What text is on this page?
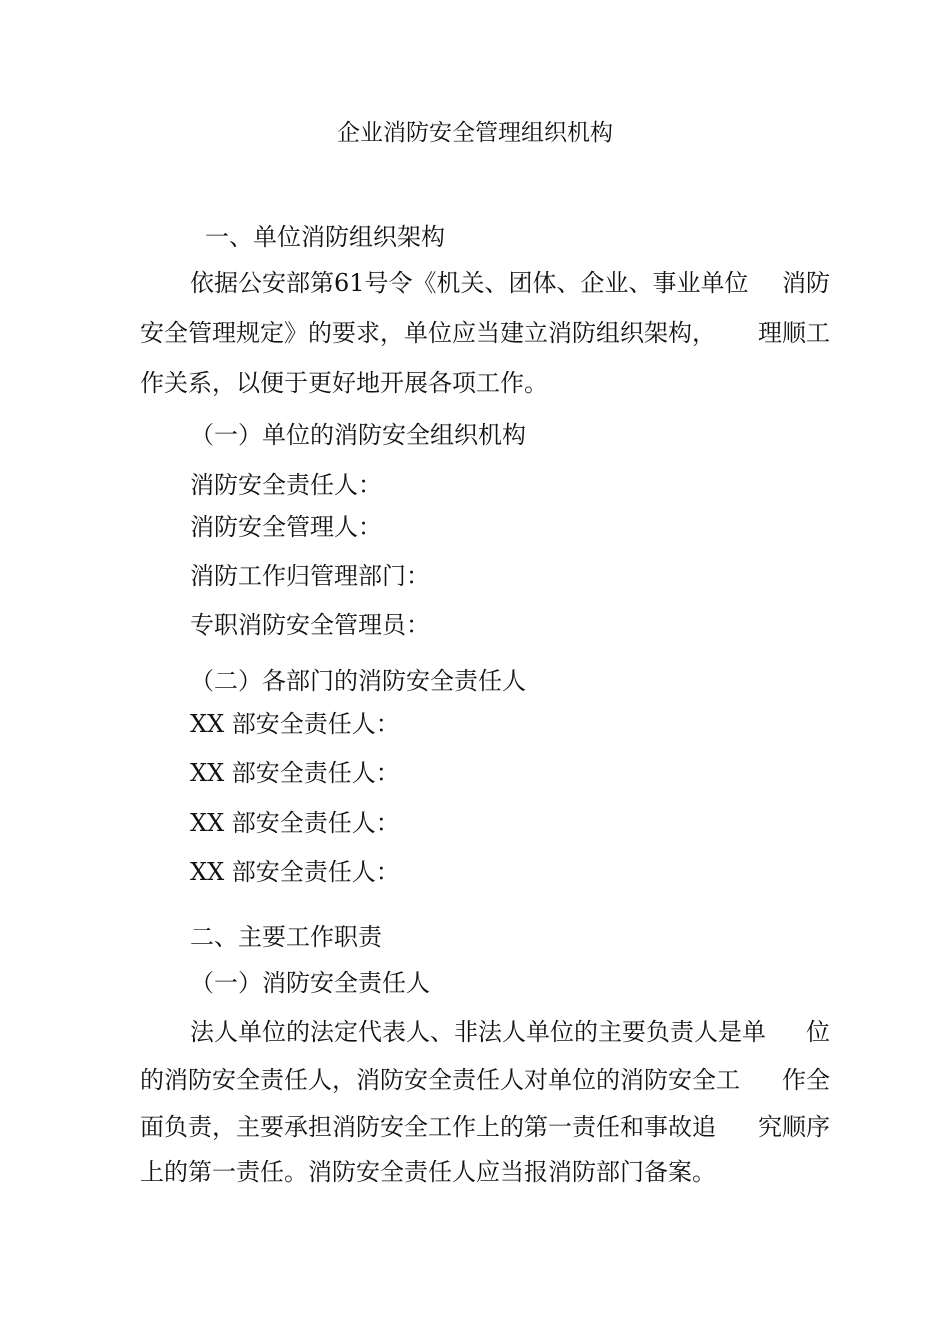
企业消防安全管理组织机构
一、单位消防组织架构
依据公安部第61号令《机关、团体、企业、事业单位 消防
安全管理规定》的要求，单位应当建立消防组织架构， 理顺工
作关系，以便于更好地开展各项工作。
（一）单位的消防安全组织机构
消防安全责任人：
消防安全管理人：
消防工作归管理部门：
专职消防安全管理员：
（二）各部门的消防安全责任人
XX 部安全责任人：
XX 部安全责任人：
XX 部安全责任人：
XX 部安全责任人：
二、主要工作职责
（一）消防安全责任人
法人单位的法定代表人、非法人单位的主要负责人是单 位
的消防安全责任人，消防安全责任人对单位的消防安全工 作全
面负责，主要承担消防安全工作上的第一责任和事故追 究顺序
上的第一责任。消防安全责任人应当报消防部门备案。
